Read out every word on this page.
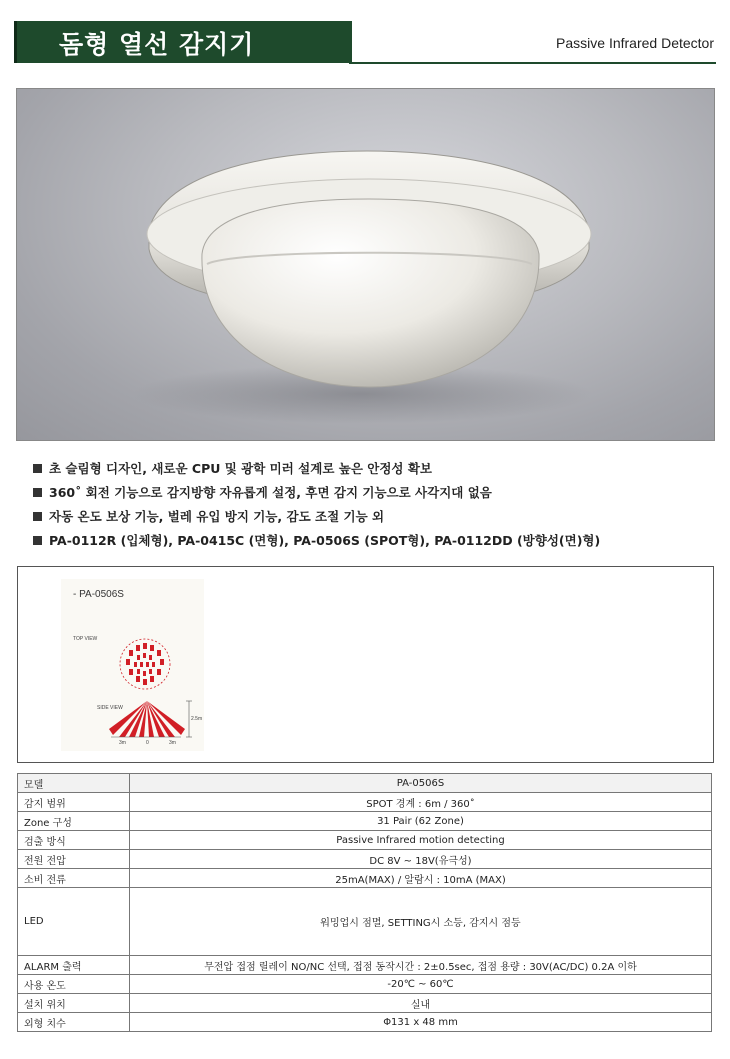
돔형 열선 감지기	Passive Infrared Detector
초 슬림형 디자인, 새로운 CPU 및 광학 미러 설계로 높은 안정성 확보
360˚ 회전 기능으로 감지방향 자유롭게 설정, 후면 감지 기능으로 사각지대 없음
자동 온도 보상 기능, 벌레 유입 방지 기능, 감도 조절 기능 외
PA-0112R (입체형), PA-0415C (면형), PA-0506S (SPOT형), PA-0112DD (방향성(면)형)
- PA-0506S
TOP VIEW
SIDE VIEW
2.5m
3m	0	3m
모델	PA-0506S
감지 범위	SPOT 경계 : 6m / 360˚
Zone 구성	31 Pair (62 Zone)
검출 방식	Passive Infrared motion detecting
전원 전압	DC 8V ~ 18V(유극성)
소비 전류	25mA(MAX) / 알람시 : 10mA (MAX)
LED	워밍업시 점멸, SETTING시 소등, 감지시 점등
ALARM 출력	무전압 접점 릴레이 NO/NC 선택, 접점 동작시간 : 2±0.5sec, 접점 용량 : 30V(AC/DC) 0.2A 이하
사용 온도	-20℃ ~ 60℃
설치 위치	실내
외형 치수	Φ131 x 48 mm
